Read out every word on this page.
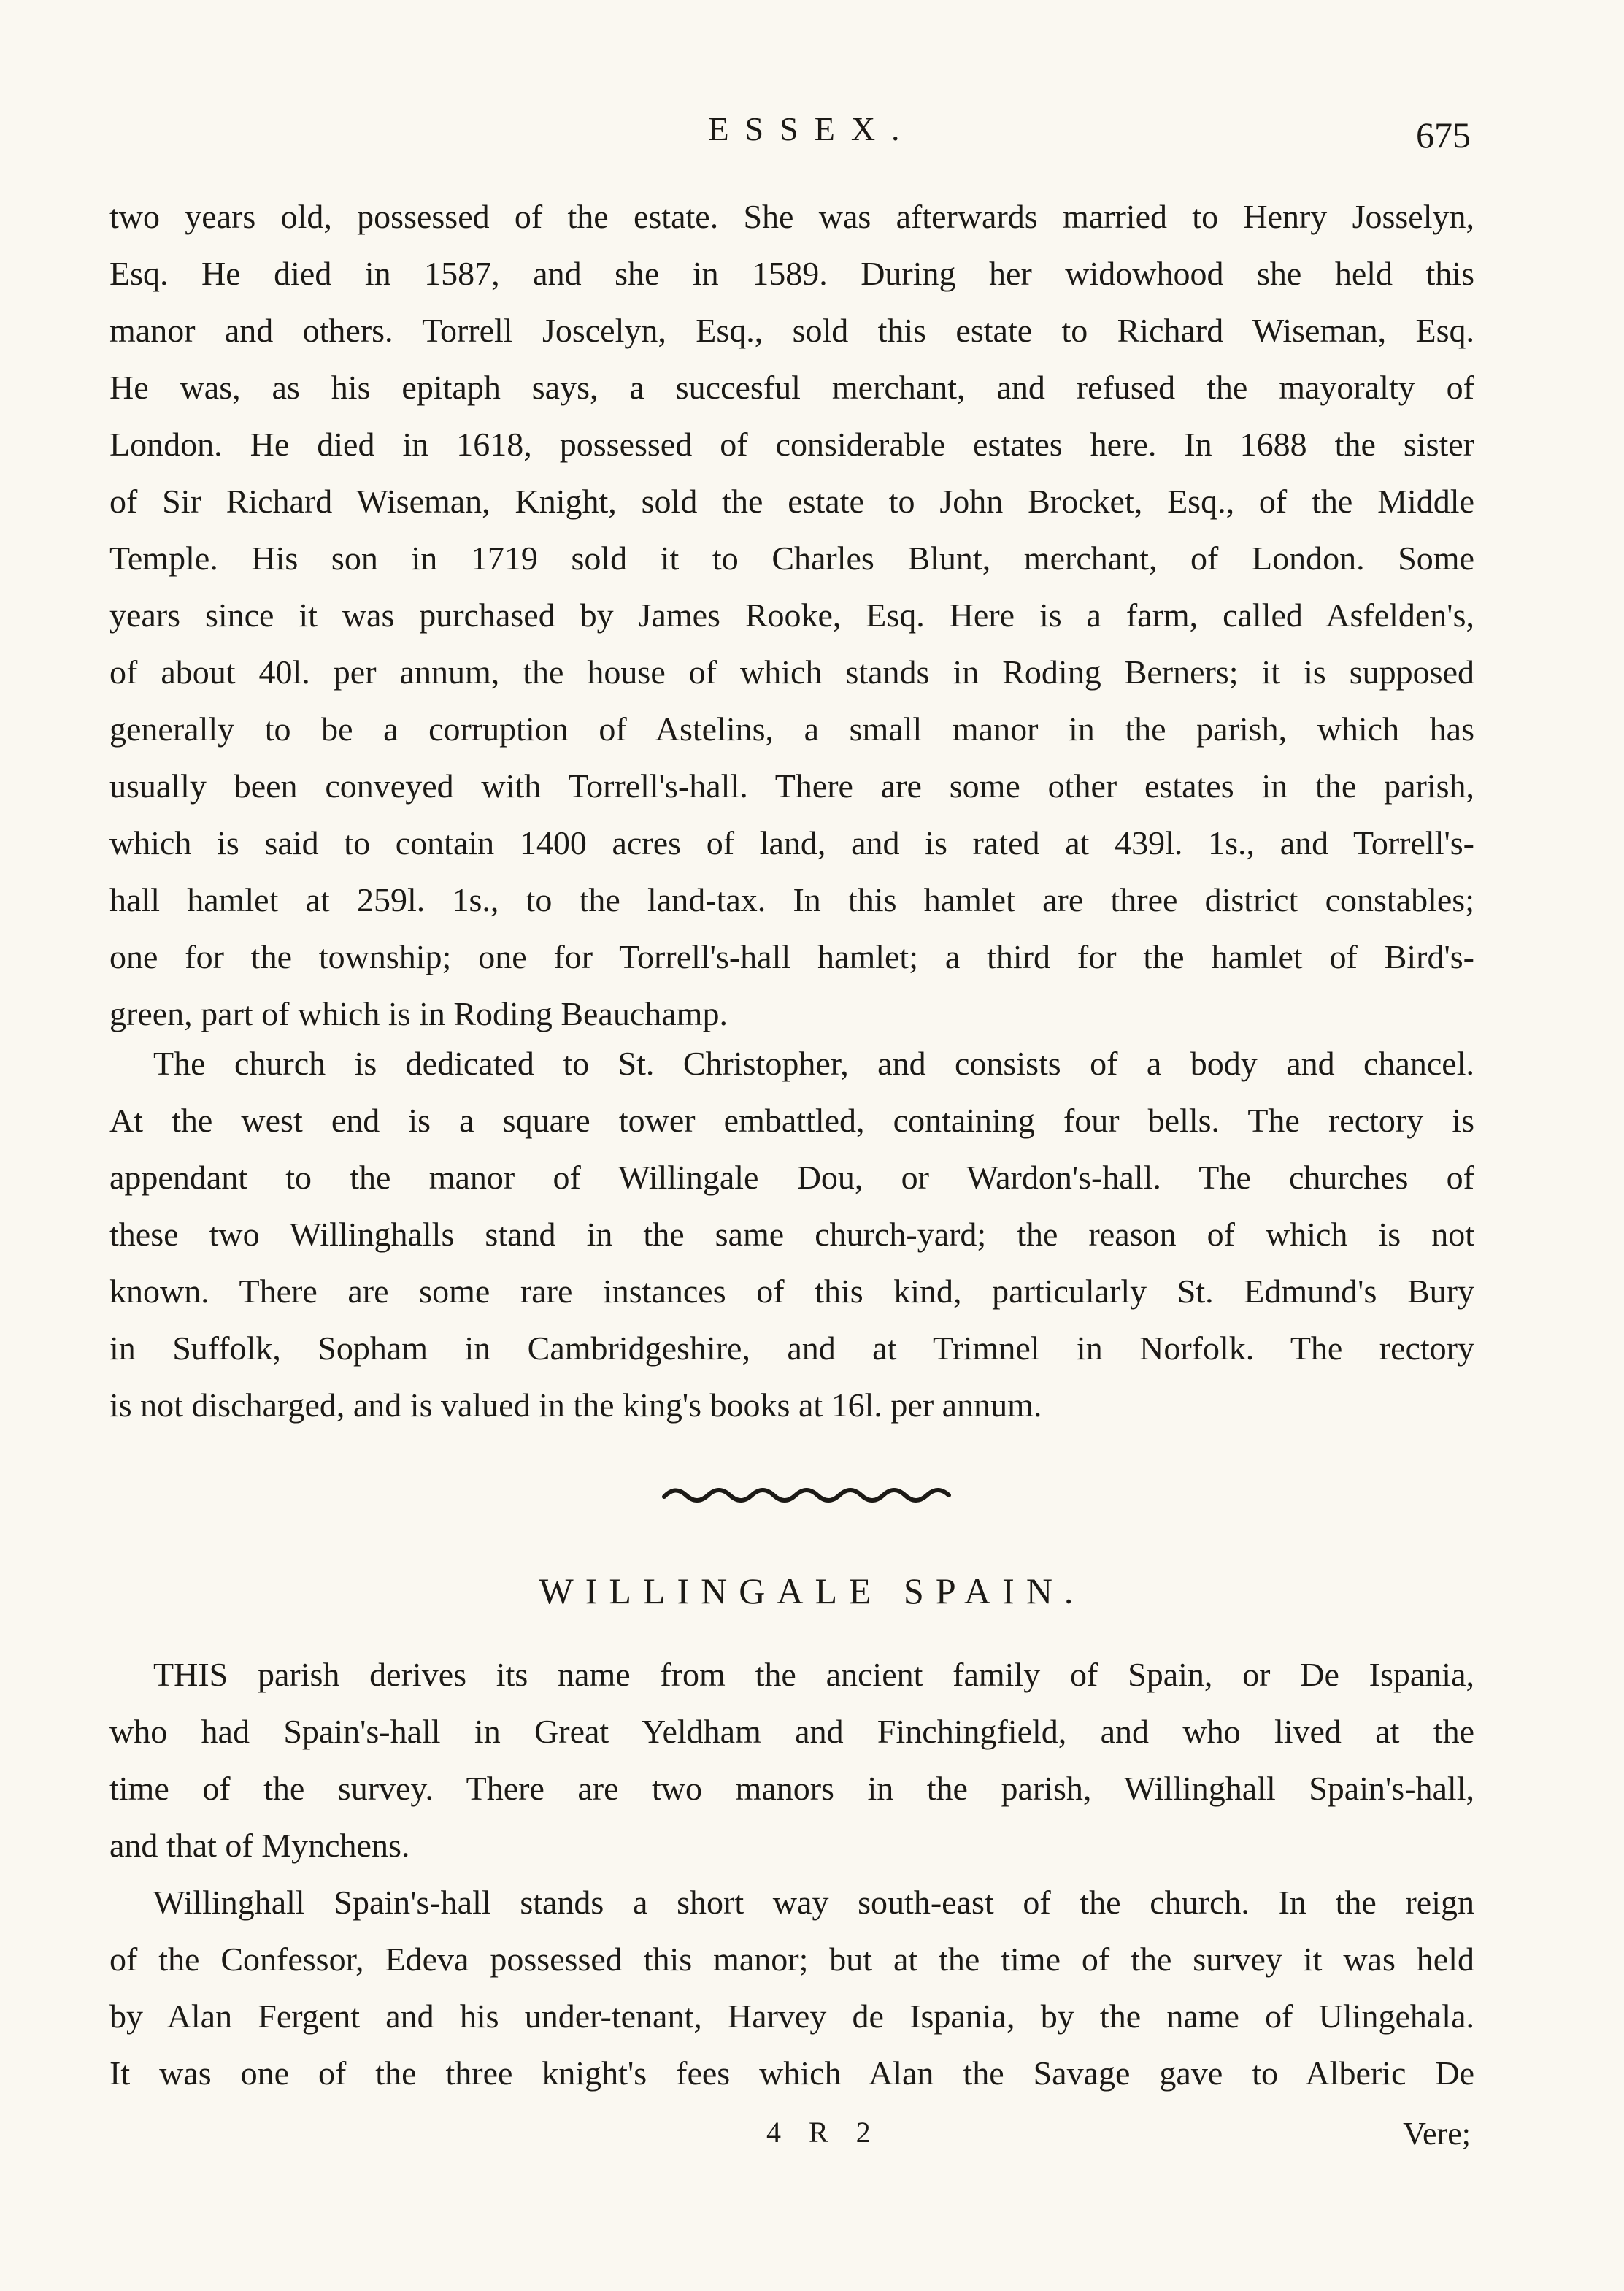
ESSEX.	675
two years old, possessed of the estate. She was afterwards married to Henry Josselyn,
Esq. He died in 1587, and she in 1589. During her widowhood she held this
manor and others. Torrell Joscelyn, Esq., sold this estate to Richard Wiseman, Esq.
He was, as his epitaph says, a succesful merchant, and refused the mayoralty of
London. He died in 1618, possessed of considerable estates here. In 1688 the sister
of Sir Richard Wiseman, Knight, sold the estate to John Brocket, Esq., of the Middle
Temple. His son in 1719 sold it to Charles Blunt, merchant, of London. Some
years since it was purchased by James Rooke, Esq. Here is a farm, called Asfelden's,
of about 40l. per annum, the house of which stands in Roding Berners; it is supposed
generally to be a corruption of Astelins, a small manor in the parish, which has
usually been conveyed with Torrell's-hall. There are some other estates in the parish,
which is said to contain 1400 acres of land, and is rated at 439l. 1s., and Torrell's-
hall hamlet at 259l. 1s., to the land-tax. In this hamlet are three district constables;
one for the township; one for Torrell's-hall hamlet; a third for the hamlet of Bird's-
green, part of which is in Roding Beauchamp.
The church is dedicated to St. Christopher, and consists of a body and chancel.
At the west end is a square tower embattled, containing four bells. The rectory is
appendant to the manor of Willingale Dou, or Wardon's-hall. The churches of
these two Willinghalls stand in the same church-yard; the reason of which is not
known. There are some rare instances of this kind, particularly St. Edmund's Bury
in Suffolk, Sopham in Cambridgeshire, and at Trimnel in Norfolk. The rectory
is not discharged, and is valued in the king's books at 16l. per annum.
WILLINGALE SPAIN.
THIS parish derives its name from the ancient family of Spain, or De Ispania,
who had Spain's-hall in Great Yeldham and Finchingfield, and who lived at the
time of the survey. There are two manors in the parish, Willinghall Spain's-hall,
and that of Mynchens.
Willinghall Spain's-hall stands a short way south-east of the church. In the reign
of the Confessor, Edeva possessed this manor; but at the time of the survey it was held
by Alan Fergent and his under-tenant, Harvey de Ispania, by the name of Ulingehala.
It was one of the three knight's fees which Alan the Savage gave to Alberic De
4 R 2	Vere;
